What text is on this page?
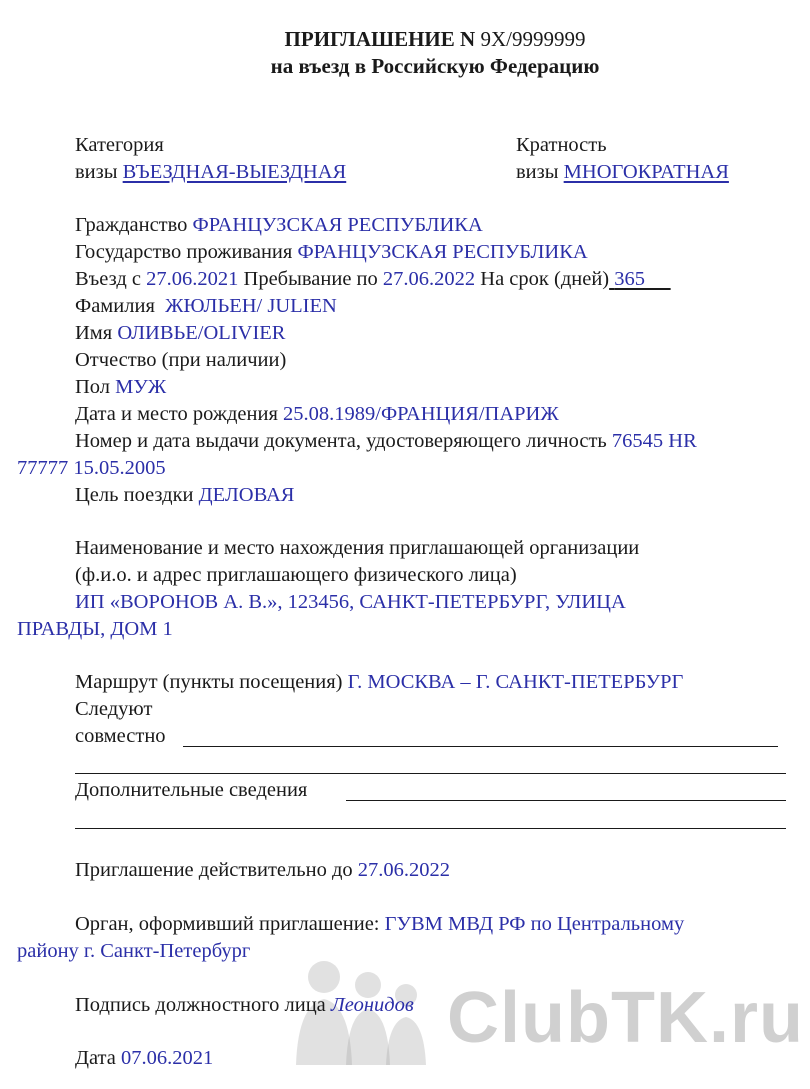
ПРИГЛАШЕНИЕ N 9Х/9999999
на въезд в Российскую Федерацию
Категория
визы ВЪЕЗДНАЯ-ВЫЕЗДНАЯ
Кратность
визы МНОГОКРАТНАЯ
Гражданство ФРАНЦУЗСКАЯ РЕСПУБЛИКА
Государство проживания ФРАНЦУЗСКАЯ РЕСПУБЛИКА
Въезд с 27.06.2021 Пребывание по 27.06.2022 На срок (дней) 365
Фамилия ЖЮЛЬЕН/ JULIEN
Имя ОЛИВЬЕ/OLIVIER
Отчество (при наличии)
Пол МУЖ
Дата и место рождения 25.08.1989/ФРАНЦИЯ/ПАРИЖ
Номер и дата выдачи документа, удостоверяющего личность 76545 HR
77777 15.05.2005
Цель поездки ДЕЛОВАЯ
Наименование и место нахождения приглашающей организации
(ф.и.о. и адрес приглашающего физического лица)
ИП «ВОРОНОВ А. В.», 123456, САНКТ-ПЕТЕРБУРГ, УЛИЦА
ПРАВДЫ, ДОМ 1
Маршрут (пункты посещения) Г. МОСКВА – Г. САНКТ-ПЕТЕРБУРГ
Следуют
совместно
Дополнительные сведения
Приглашение действительно до 27.06.2022
Орган, оформивший приглашение: ГУВМ МВД РФ по Центральному
району г. Санкт-Петербург
ClubTK.ru
Подпись должностного лица Леонидов
Дата 07.06.2021
